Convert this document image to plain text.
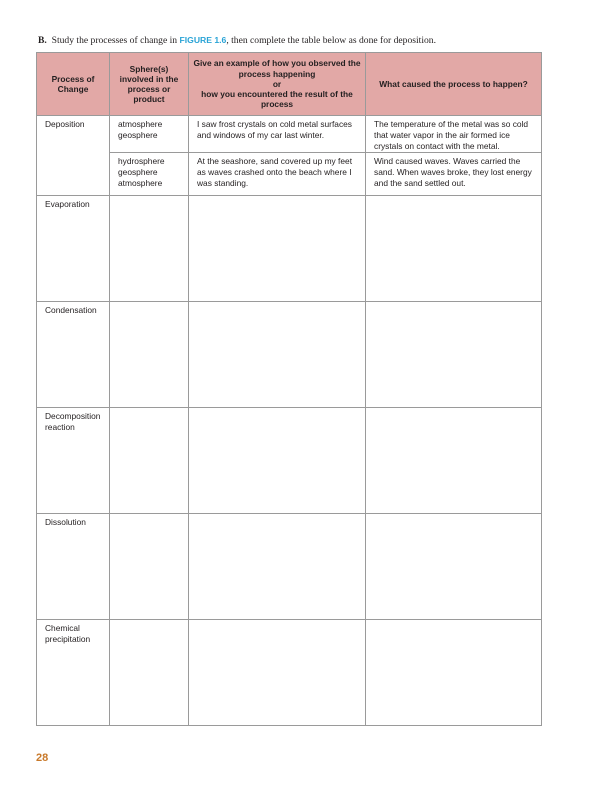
B. Study the processes of change in FIGURE 1.6, then complete the table below as done for deposition.
Process of Change	Sphere(s) involved in the process or product	Give an example of how you observed the process happening
or
how you encountered the result of the process	What caused the process to happen?
Deposition	atmosphere
geosphere	I saw frost crystals on cold metal surfaces and windows of my car last winter.	The temperature of the metal was so cold that water vapor in the air formed ice crystals on contact with the metal.

	hydrosphere
geosphere
atmosphere	At the seashore, sand covered up my feet as waves crashed onto the beach where I was standing.	Wind caused waves. Waves carried the sand. When waves broke, they lost energy and the sand settled out.
Evaporation			
Condensation			
Decomposition reaction			
Dissolution			
Chemical precipitation			
28
